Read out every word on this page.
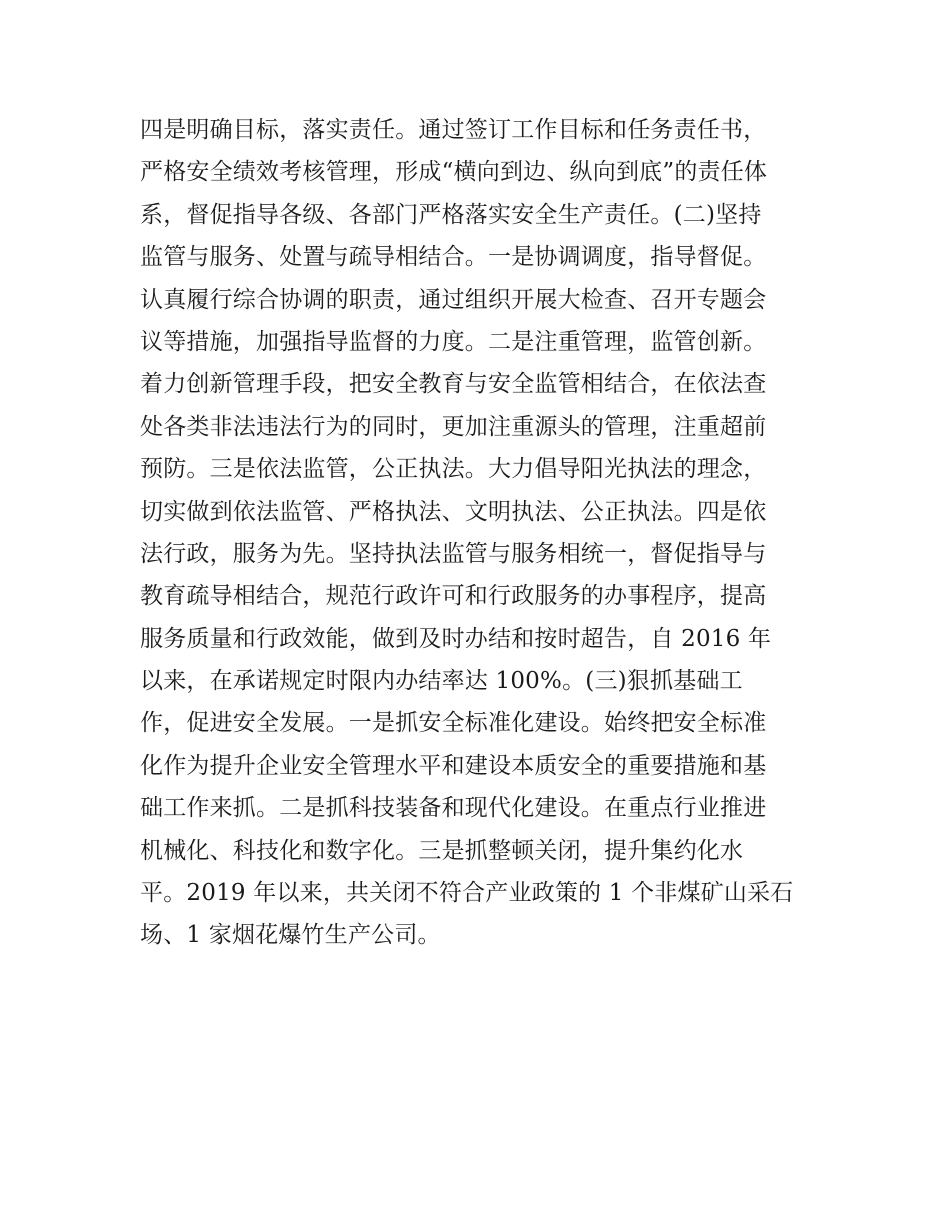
四是明确目标，落实责任。通过签订工作目标和任务责任书，
严格安全绩效考核管理，形成“横向到边、纵向到底”的责任体
系，督促指导各级、各部门严格落实安全生产责任。(二)坚持
监管与服务、处置与疏导相结合。一是协调调度，指导督促。
认真履行综合协调的职责，通过组织开展大检查、召开专题会
议等措施，加强指导监督的力度。二是注重管理，监管创新。
着力创新管理手段，把安全教育与安全监管相结合，在依法查
处各类非法违法行为的同时，更加注重源头的管理，注重超前
预防。三是依法监管，公正执法。大力倡导阳光执法的理念，
切实做到依法监管、严格执法、文明执法、公正执法。四是依
法行政，服务为先。坚持执法监管与服务相统一，督促指导与
教育疏导相结合，规范行政许可和行政服务的办事程序，提高
服务质量和行政效能，做到及时办结和按时超告，自 2016 年
以来，在承诺规定时限内办结率达 100%。(三)狠抓基础工
作，促进安全发展。一是抓安全标准化建设。始终把安全标准
化作为提升企业安全管理水平和建设本质安全的重要措施和基
础工作来抓。二是抓科技装备和现代化建设。在重点行业推进
机械化、科技化和数字化。三是抓整顿关闭，提升集约化水
平。2019 年以来，共关闭不符合产业政策的 1 个非煤矿山采石
场、1 家烟花爆竹生产公司。
